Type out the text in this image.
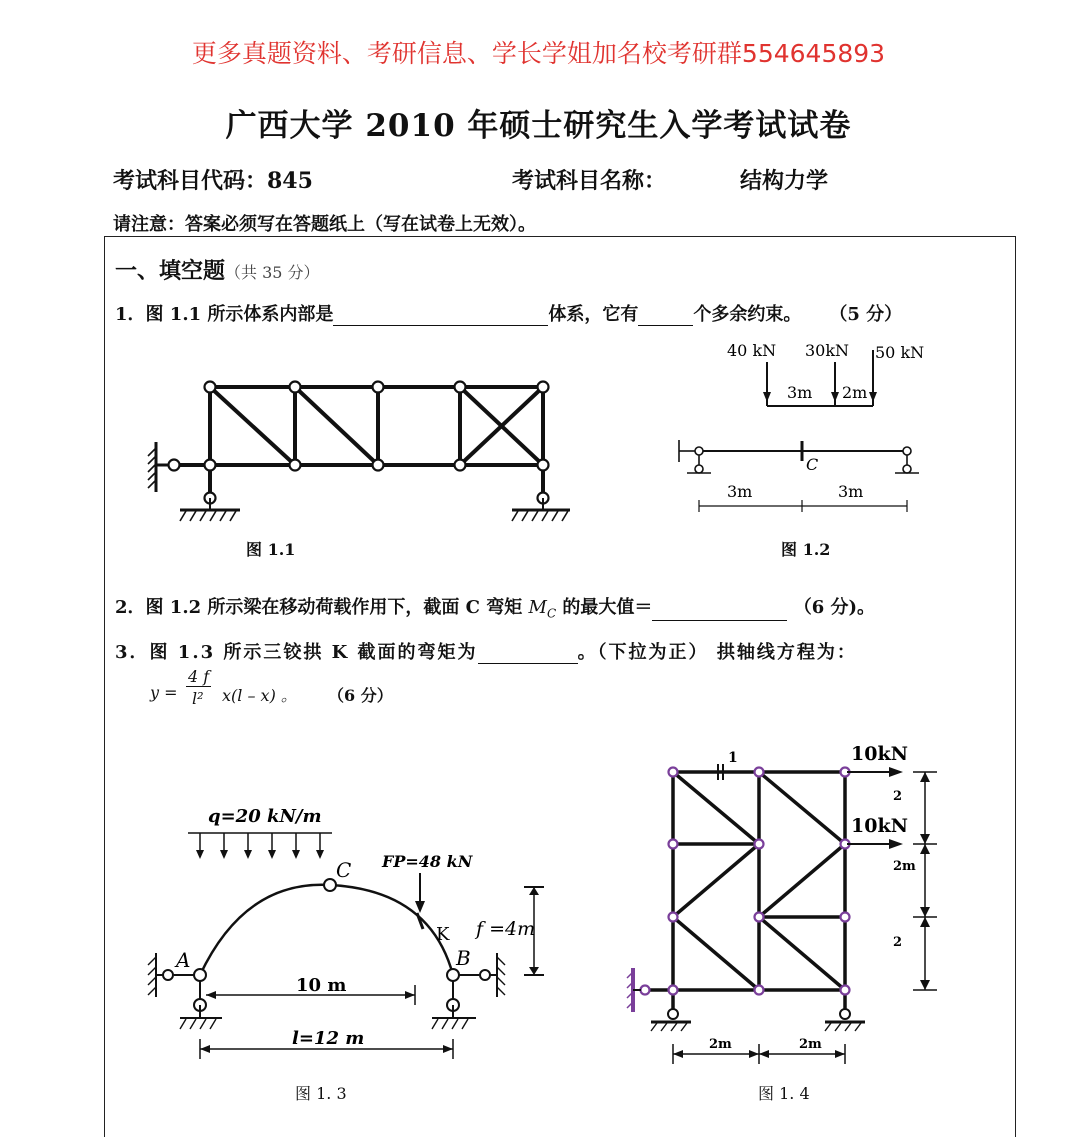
更多真题资料、考研信息、学长学姐加名校考研群554645893
广西大学 2010 年硕士研究生入学考试试卷
考试科目代码：845	考试科目名称：	结构力学
请注意：答案必须写在答题纸上（写在试卷上无效）。
一、填空题（共 35 分）
1．图 1.1 所示体系内部是	体系，它有	个多余约束。 （5 分）
图 1.1
40 kN 30kN 50 kN
3m 2m
C
3m	3m
图 1.2
2．图 1.2 所示梁在移动荷载作用下，截面 C 弯矩 $M_C$ 的最大值＝	（6 分)。
3．图 1.3 所示三铰拱 K 截面的弯矩为	。（下拉为正） 拱轴线方程为：
y =
4 f
l² x(l – x) 。 （6 分）
q=20 kN/m
C FP=48 kN
K
A	B
f =4m
10 m
l=12 m
图 1. 3
1	10kN
10kN
2
2m
2
2m	2m
图 1. 4
